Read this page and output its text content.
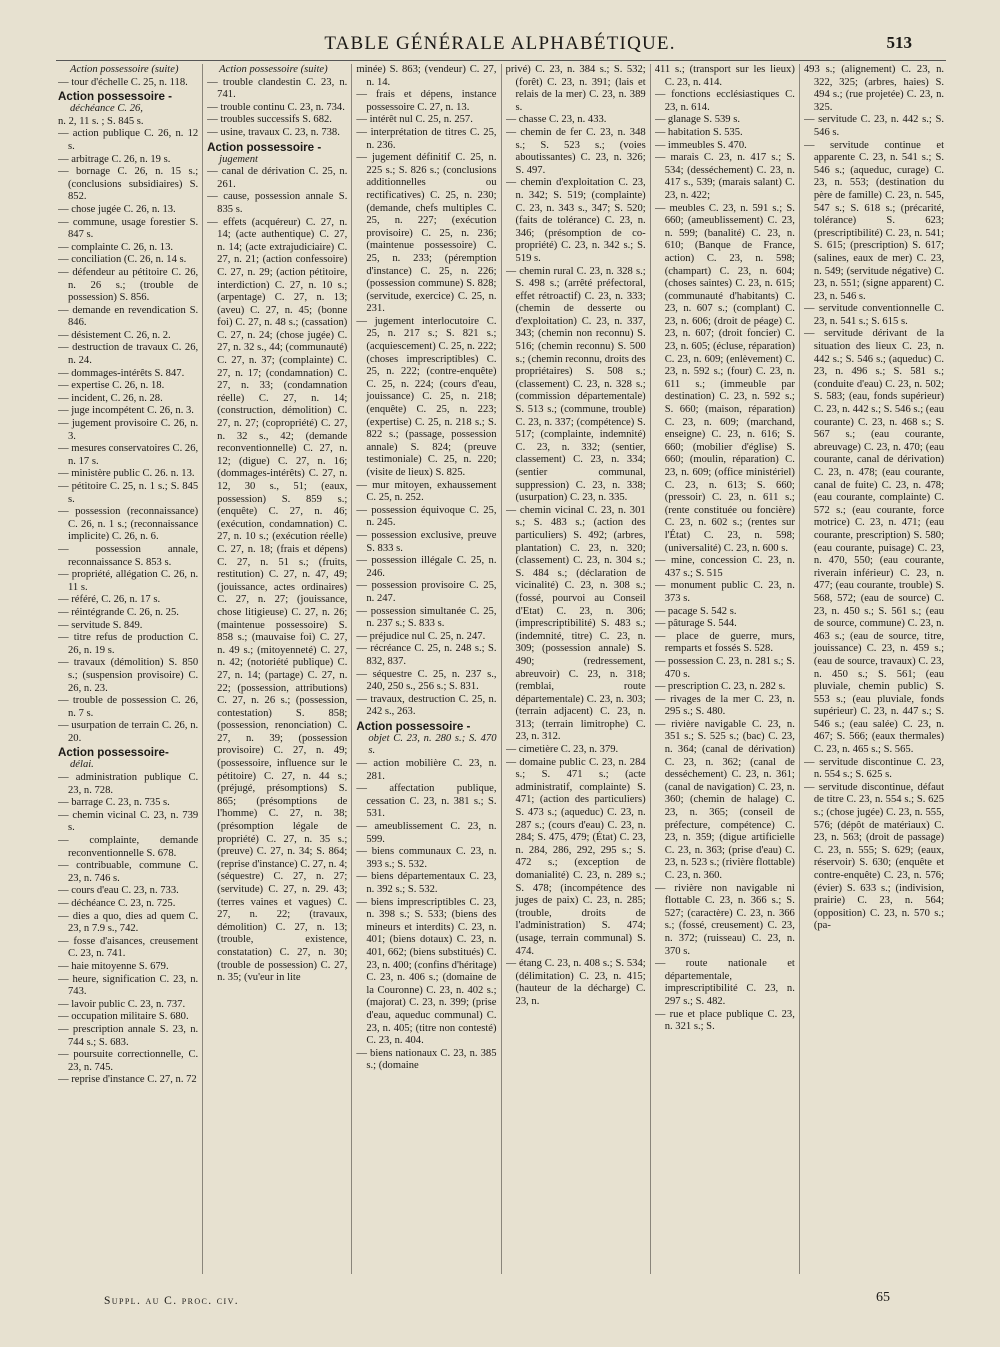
TABLE GÉNÉRALE ALPHABÉTIQUE.	513
Action possessoire (suite)
— tour d'échelle C. 25, n. 118.
Action possessoire -
déchéance C. 26,
n. 2, 11 s. ; S. 845 s.
— action publique C. 26, n. 12 s.
— arbitrage C. 26, n. 19 s.
— bornage C. 26, n. 15 s.; (conclusions subsidiaires) S. 852.
— chose jugée C. 26, n. 13.
— commune, usage forestier S. 847 s.
— complainte C. 26, n. 13.
— conciliation (C. 26, n. 14 s.
— défendeur au pétitoire C. 26, n. 26 s.; (trouble de possession) S. 856.
— demande en revendication S. 846.
— désistement C. 26, n. 2.
— destruction de travaux C. 26, n. 24.
— dommages-intérêts S. 847.
— expertise C. 26, n. 18.
— incident, C. 26, n. 28.
— juge incompétent C. 26, n. 3.
— jugement provisoire C. 26, n. 3.
— mesures conservatoires C. 26, n. 17 s.
— ministère public C. 26. n. 13.
— pétitoire C. 25, n. 1 s.; S. 845 s.
— possession (reconnaissance) C. 26, n. 1 s.; (reconnaissance implicite) C. 26, n. 6.
— possession annale, reconnaissance S. 853 s.
— propriété, allégation C. 26, n. 11 s.
— référé, C. 26, n. 17 s.
— réintégrande C. 26, n. 25.
— servitude S. 849.
— titre refus de production C. 26, n. 19 s.
— travaux (démolition) S. 850 s.; (suspension provisoire) C. 26, n. 23.
— trouble de possession C. 26, n. 7 s.
— usurpation de terrain C. 26, n. 20.
Action possessoire-
délai.
— administration publique C. 23, n. 728.
— barrage C. 23, n. 735 s.
— chemin vicinal C. 23, n. 739 s.
— complainte, demande reconventionnelle S. 678.
— contribuable, commune C. 23, n. 746 s.
— cours d'eau C. 23, n. 733.
— déchéance C. 23, n. 725.
— dies a quo, dies ad quem C. 23, n 7.9 s., 742.
— fosse d'aisances, creusement C. 23, n. 741.
— haie mitoyenne S. 679.
— heure, signification C. 23, n. 743.
— lavoir public C. 23, n. 737.
— occupation militaire S. 680.
— prescription annale S. 23, n. 744 s.; S. 683.
— poursuite correctionnelle, C. 23, n. 745.
— reprise d'instance C. 27, n. 72
Action possessoire (suite)
— trouble clandestin C. 23, n. 741.
— trouble continu C. 23, n. 734.
— troubles successifs S. 682.
— usine, travaux C. 23, n. 738.
Action possessoire -
jugement
— canal de dérivation C. 25, n. 261.
— cause, possession annale S. 835 s.
— effets (acquéreur) C. 27, n. 14; (acte authentique) C. 27, n. 14; (acte extrajudiciaire) C. 27, n. 21; (action confessoire) C. 27, n. 29; (action pétitoire, interdiction) C. 27, n. 10 s.; (arpentage) C. 27, n. 13; (aveu) C. 27, n. 45; (bonne foi) C. 27, n. 48 s.; (cassation) C. 27, n. 24; (chose jugée) C. 27, n. 32 s., 44; (communauté) C. 27, n. 37; (complainte) C. 27, n. 17; (condamnation) C. 27, n. 33; (condamnation réelle) C. 27, n. 14; (construction, démolition) C. 27, n. 27; (copropriété) C. 27, n. 32 s., 42; (demande reconventionnelle) C. 27, n. 12; (digue) C. 27, n. 16; (dommages-intérêts) C. 27, n. 12, 30 s., 51; (eaux, possession) S. 859 s.; (enquête) C. 27, n. 46; (exécution, condamnation) C. 27, n. 10 s.; (exécution réelle) C. 27, n. 18; (frais et dépens) C. 27, n. 51 s.; (fruits, restitution) C. 27, n. 47, 49; (jouissance, actes ordinaires) C. 27, n. 27; (jouissance, chose litigieuse) C. 27, n. 26; (maintenue possessoire) S. 858 s.; (mauvaise foi) C. 27, n. 49 s.; (mitoyenneté) C. 27, n. 42; (notoriété publique) C. 27, n. 14; (partage) C. 27, n. 22; (possession, attributions) C. 27, n. 26 s.; (possession, contestation) S. 858; (possession, renonciation) C. 27, n. 39; (possession provisoire) C. 27, n. 49; (possessoire, influence sur le pétitoire) C. 27, n. 44 s.; (préjugé, présomptions) S. 865; (présomptions de l'homme) C. 27, n. 38; (présomption légale de propriété) C. 27, n. 35 s.; (preuve) C. 27, n. 34; S. 864; (reprise d'instance) C. 27, n. 4; (séquestre) C. 27, n. 27; (servitude) C. 27, n. 29. 43; (terres vaines et vagues) C. 27, n. 22; (travaux, démolition) C. 27, n. 13; (trouble, existence, constatation) C. 27, n. 30; (trouble de possession) C. 27, n. 35; (vu'eur in lite
minée) S. 863; (vendeur) C. 27, n. 14.
— frais et dépens, instance possessoire C. 27, n. 13.
— intérêt nul C. 25, n. 257.
— interprétation de titres C. 25, n. 236.
— jugement définitif C. 25, n. 225 s.; S. 826 s.; (conclusions additionnelles ou rectificatives) C. 25, n. 230; (demande, chefs multiples C. 25, n. 227; (exécution provisoire) C. 25, n. 236; (maintenue possessoire) C. 25, n. 233; (péremption d'instance) C. 25, n. 226; (possession commune) S. 828; (servitude, exercice) C. 25, n. 231.
— jugement interlocutoire C. 25, n. 217 s.; S. 821 s.; (acquiescement) C. 25, n. 222; (choses imprescriptibles) C. 25, n. 222; (contre-enquête) C. 25, n. 224; (cours d'eau, jouissance) C. 25, n. 218; (enquête) C. 25, n. 223; (expertise) C. 25, n. 218 s.; S. 822 s.; (passage, possession annale) S. 824; (preuve testimoniale) C. 25, n. 220; (visite de lieux) S. 825.
— mur mitoyen, exhaussement C. 25, n. 252.
— possession équivoque C. 25, n. 245.
— possession exclusive, preuve S. 833 s.
— possession illégale C. 25, n. 246.
— possession provisoire C. 25, n. 247.
— possession simultanée C. 25, n. 237 s.; S. 833 s.
— préjudice nul C. 25, n. 247.
— récréance C. 25, n. 248 s.; S. 832, 837.
— séquestre C. 25, n. 237 s., 240, 250 s., 256 s.; S. 831.
— travaux, destruction C. 25, n. 242 s., 263.
Action possessoire -
objet C. 23, n. 280 s.; S. 470 s.
— action mobilière C. 23, n. 281.
— affectation publique, cessation C. 23, n. 381 s.; S. 531.
— ameublissement C. 23, n. 599.
— biens communaux C. 23, n. 393 s.; S. 532.
— biens départementaux C. 23, n. 392 s.; S. 532.
— biens imprescriptibles C. 23, n. 398 s.; S. 533; (biens des mineurs et interdits) C. 23, n. 401; (biens dotaux) C. 23, n. 401, 662; (biens substitués) C. 23, n. 400; (confins d'héritage) C. 23, n. 406 s.; (domaine de la Couronne) C. 23, n. 402 s.; (majorat) C. 23, n. 399; (prise d'eau, aqueduc communal) C. 23, n. 405; (titre non contesté) C. 23, n. 404.
— biens nationaux C. 23, n. 385 s.; (domaine
privé) C. 23, n. 384 s.; S. 532; (forêt) C. 23, n. 391; (lais et relais de la mer) C. 23, n. 389 s.
— chasse C. 23, n. 433.
— chemin de fer C. 23, n. 348 s.; S. 523 s.; (voies aboutissantes) C. 23, n. 326; S. 497.
— chemin d'exploitation C. 23, n. 342; S. 519; (complainte) C. 23, n. 343 s., 347; S. 520; (faits de tolérance) C. 23, n. 346; (présomption de co-propriété) C. 23, n. 342 s.; S. 519 s.
— chemin rural C. 23, n. 328 s.; S. 498 s.; (arrêté préfectoral, effet rétroactif) C. 23, n. 333; (chemin de desserte ou d'exploitation) C. 23, n. 337, 343; (chemin non reconnu) S. 516; (chemin reconnu) S. 500 s.; (chemin reconnu, droits des propriétaires) S. 508 s.; (classement) C. 23, n. 328 s.; (commission départementale) S. 513 s.; (commune, trouble) C. 23, n. 337; (compétence) S. 517; (complainte, indemnité) C. 23, n. 332; (sentier, classement) C. 23, n. 334; (sentier communal, suppression) C. 23, n. 338; (usurpation) C. 23, n. 335.
— chemin vicinal C. 23, n. 301 s.; S. 483 s.; (action des particuliers) S. 492; (arbres, plantation) C. 23, n. 320; (classement) C. 23, n. 304 s.; S. 484 s.; (déclaration de vicinalité) C. 23, n. 308 s.; (fossé, pourvoi au Conseil d'Etat) C. 23, n. 306; (imprescriptibilité) S. 483 s.; (indemnité, titre) C. 23, n. 309; (possession annale) S. 490; (redressement, abreuvoir) C. 23, n. 318; (remblai, route départementale) C. 23, n. 303; (terrain adjacent) C. 23, n. 313; (terrain limitrophe) C. 23, n. 312.
— cimetière C. 23, n. 379.
— domaine public C. 23, n. 284 s.; S. 471 s.; (acte administratif, complainte) S. 471; (action des particuliers) S. 473 s.; (aqueduc) C. 23, n. 287 s.; (cours d'eau) C. 23, n. 284; S. 475, 479; (État) C. 23, n. 284, 286, 292, 295 s.; S. 472 s.; (exception de domanialité) C. 23, n. 289 s.; S. 478; (incompétence des juges de paix) C. 23, n. 285; (trouble, droits de l'administration) S. 474; (usage, terrain communal) S. 474.
— étang C. 23, n. 408 s.; S. 534; (délimitation) C. 23, n. 415; (hauteur de la décharge) C. 23, n.
411 s.; (transport sur les lieux) C. 23, n. 414.
— fonctions ecclésiastiques C. 23, n. 614.
— glanage S. 539 s.
— habitation S. 535.
— immeubles S. 470.
— marais C. 23, n. 417 s.; S. 534; (desséchement) C. 23, n. 417 s., 539; (marais salant) C. 23, n. 422;
— meubles C. 23, n. 591 s.; S. 660; (ameublissement) C. 23, n. 599; (banalité) C. 23, n. 610; (Banque de France, action) C. 23, n. 598; (champart) C. 23, n. 604; (choses saintes) C. 23, n. 615; (communauté d'habitants) C. 23, n. 607 s.; (complant) C. 23, n. 606; (droit de péage) C. 23, n. 607; (droit foncier) C. 23, n. 605; (écluse, réparation) C. 23, n. 609; (enlèvement) C. 23, n. 592 s.; (four) C. 23, n. 611 s.; (immeuble par destination) C. 23, n. 592 s.; S. 660; (maison, réparation) C. 23, n. 609; (marchand, enseigne) C. 23, n. 616; S. 660; (mobilier d'église) S. 660; (moulin, réparation) C. 23, n. 609; (office ministériel) C. 23, n. 613; S. 660; (pressoir) C. 23, n. 611 s.; (rente constituée ou foncière) C. 23, n. 602 s.; (rentes sur l'État) C. 23, n. 598; (universalité) C. 23, n. 600 s.
— mine, concession C. 23, n. 437 s.; S. 515
— monument public C. 23, n. 373 s.
— pacage S. 542 s.
— pâturage S. 544.
— place de guerre, murs, remparts et fossés S. 528.
— possession C. 23, n. 281 s.; S. 470 s.
— prescription C. 23, n. 282 s.
— rivages de la mer C. 23, n. 295 s.; S. 480.
— rivière navigable C. 23, n. 351 s.; S. 525 s.; (bac) C. 23, n. 364; (canal de dérivation) C. 23, n. 362; (canal de desséchement) C. 23, n. 361; (canal de navigation) C. 23, n. 360; (chemin de halage) C. 23, n. 365; (conseil de préfecture, compétence) C. 23, n. 359; (digue artificielle C. 23, n. 363; (prise d'eau) C. 23, n. 523 s.; (rivière flottable) C. 23, n. 360.
— rivière non navigable ni flottable C. 23, n. 366 s.; S. 527; (caractère) C. 23, n. 366 s.; (fossé, creusement) C. 23, n. 372; (ruisseau) C. 23, n. 370 s.
— route nationale et départementale, imprescriptibilité C. 23, n. 297 s.; S. 482.
— rue et place publique C. 23, n. 321 s.; S.
493 s.; (alignement) C. 23, n. 322, 325; (arbres, haies) S. 494 s.; (rue projetée) C. 23, n. 325.
— servitude C. 23, n. 442 s.; S. 546 s.
— servitude continue et apparente C. 23, n. 541 s.; S. 546 s.; (aqueduc, curage) C. 23, n. 553; (destination du père de famille) C. 23, n. 545, 547 s.; S. 618 s.; (précarité, tolérance) S. 623; (prescriptibilité) C. 23, n. 541; S. 615; (prescription) S. 617; (salines, eaux de mer) C. 23, n. 549; (servitude négative) C. 23, n. 551; (signe apparent) C. 23, n. 546 s.
— servitude conventionnelle C. 23, n. 541 s.; S. 615 s.
— servitude dérivant de la situation des lieux C. 23, n. 442 s.; S. 546 s.; (aqueduc) C. 23, n. 496 s.; S. 581 s.; (conduite d'eau) C. 23, n. 502; S. 583; (eau, fonds supérieur) C. 23, n. 442 s.; S. 546 s.; (eau courante) C. 23, n. 468 s.; S. 567 s.; (eau courante, abreuvage) C. 23, n. 470; (eau courante, canal de dérivation) C. 23, n. 478; (eau courante, canal de fuite) C. 23, n. 478; (eau courante, complainte) C. 572 s.; (eau courante, force motrice) C. 23, n. 471; (eau courante, prescription) S. 580; (eau courante, puisage) C. 23, n. 470, 550; (eau courante, riverain inférieur) C. 23, n. 477; (eau courante, trouble) S. 568, 572; (eau de source) C. 23, n. 450 s.; S. 561 s.; (eau de source, commune) C. 23, n. 463 s.; (eau de source, titre, jouissance) C. 23, n. 459 s.; (eau de source, travaux) C. 23, n. 450 s.; S. 561; (eau pluviale, chemin public) S. 553 s.; (eau pluviale, fonds supérieur) C. 23, n. 447 s.; S. 546 s.; (eau salée) C. 23, n. 467; S. 566; (eaux thermales) C. 23, n. 465 s.; S. 565.
— servitude discontinue C. 23, n. 554 s.; S. 625 s.
— servitude discontinue, défaut de titre C. 23, n. 554 s.; S. 625 s.; (chose jugée) C. 23, n. 555, 576; (dépôt de matériaux) C. 23, n. 563; (droit de passage) C. 23, n. 555; S. 629; (eaux, réservoir) S. 630; (enquête et contre-enquête) C. 23, n. 576; (évier) S. 633 s.; (indivision, prairie) C. 23, n. 564; (opposition) C. 23, n. 570 s.; (pa-
Suppl. au C. proc. civ.	65
